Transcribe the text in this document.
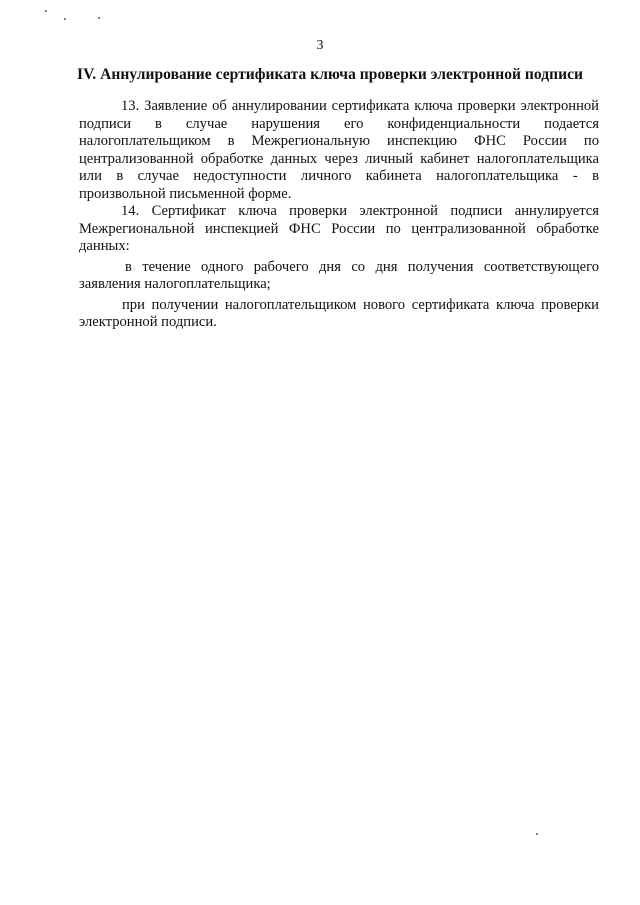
3
IV. Аннулирование сертификата ключа проверки электронной подписи

13. Заявление об аннулировании сертификата ключа проверки электронной подписи в случае нарушения его конфиденциальности подается налогоплательщиком в Межрегиональную инспекцию ФНС России по централизованной обработке данных через личный кабинет налогоплательщика или в случае недоступности личного кабинета налогоплательщика - в произвольной письменной форме.

14. Сертификат ключа проверки электронной подписи аннулируется Межрегиональной инспекцией ФНС России по централизованной обработке данных:

в течение одного рабочего дня со дня получения соответствующего заявления налогоплательщика;

при получении налогоплательщиком нового сертификата ключа проверки электронной подписи.
